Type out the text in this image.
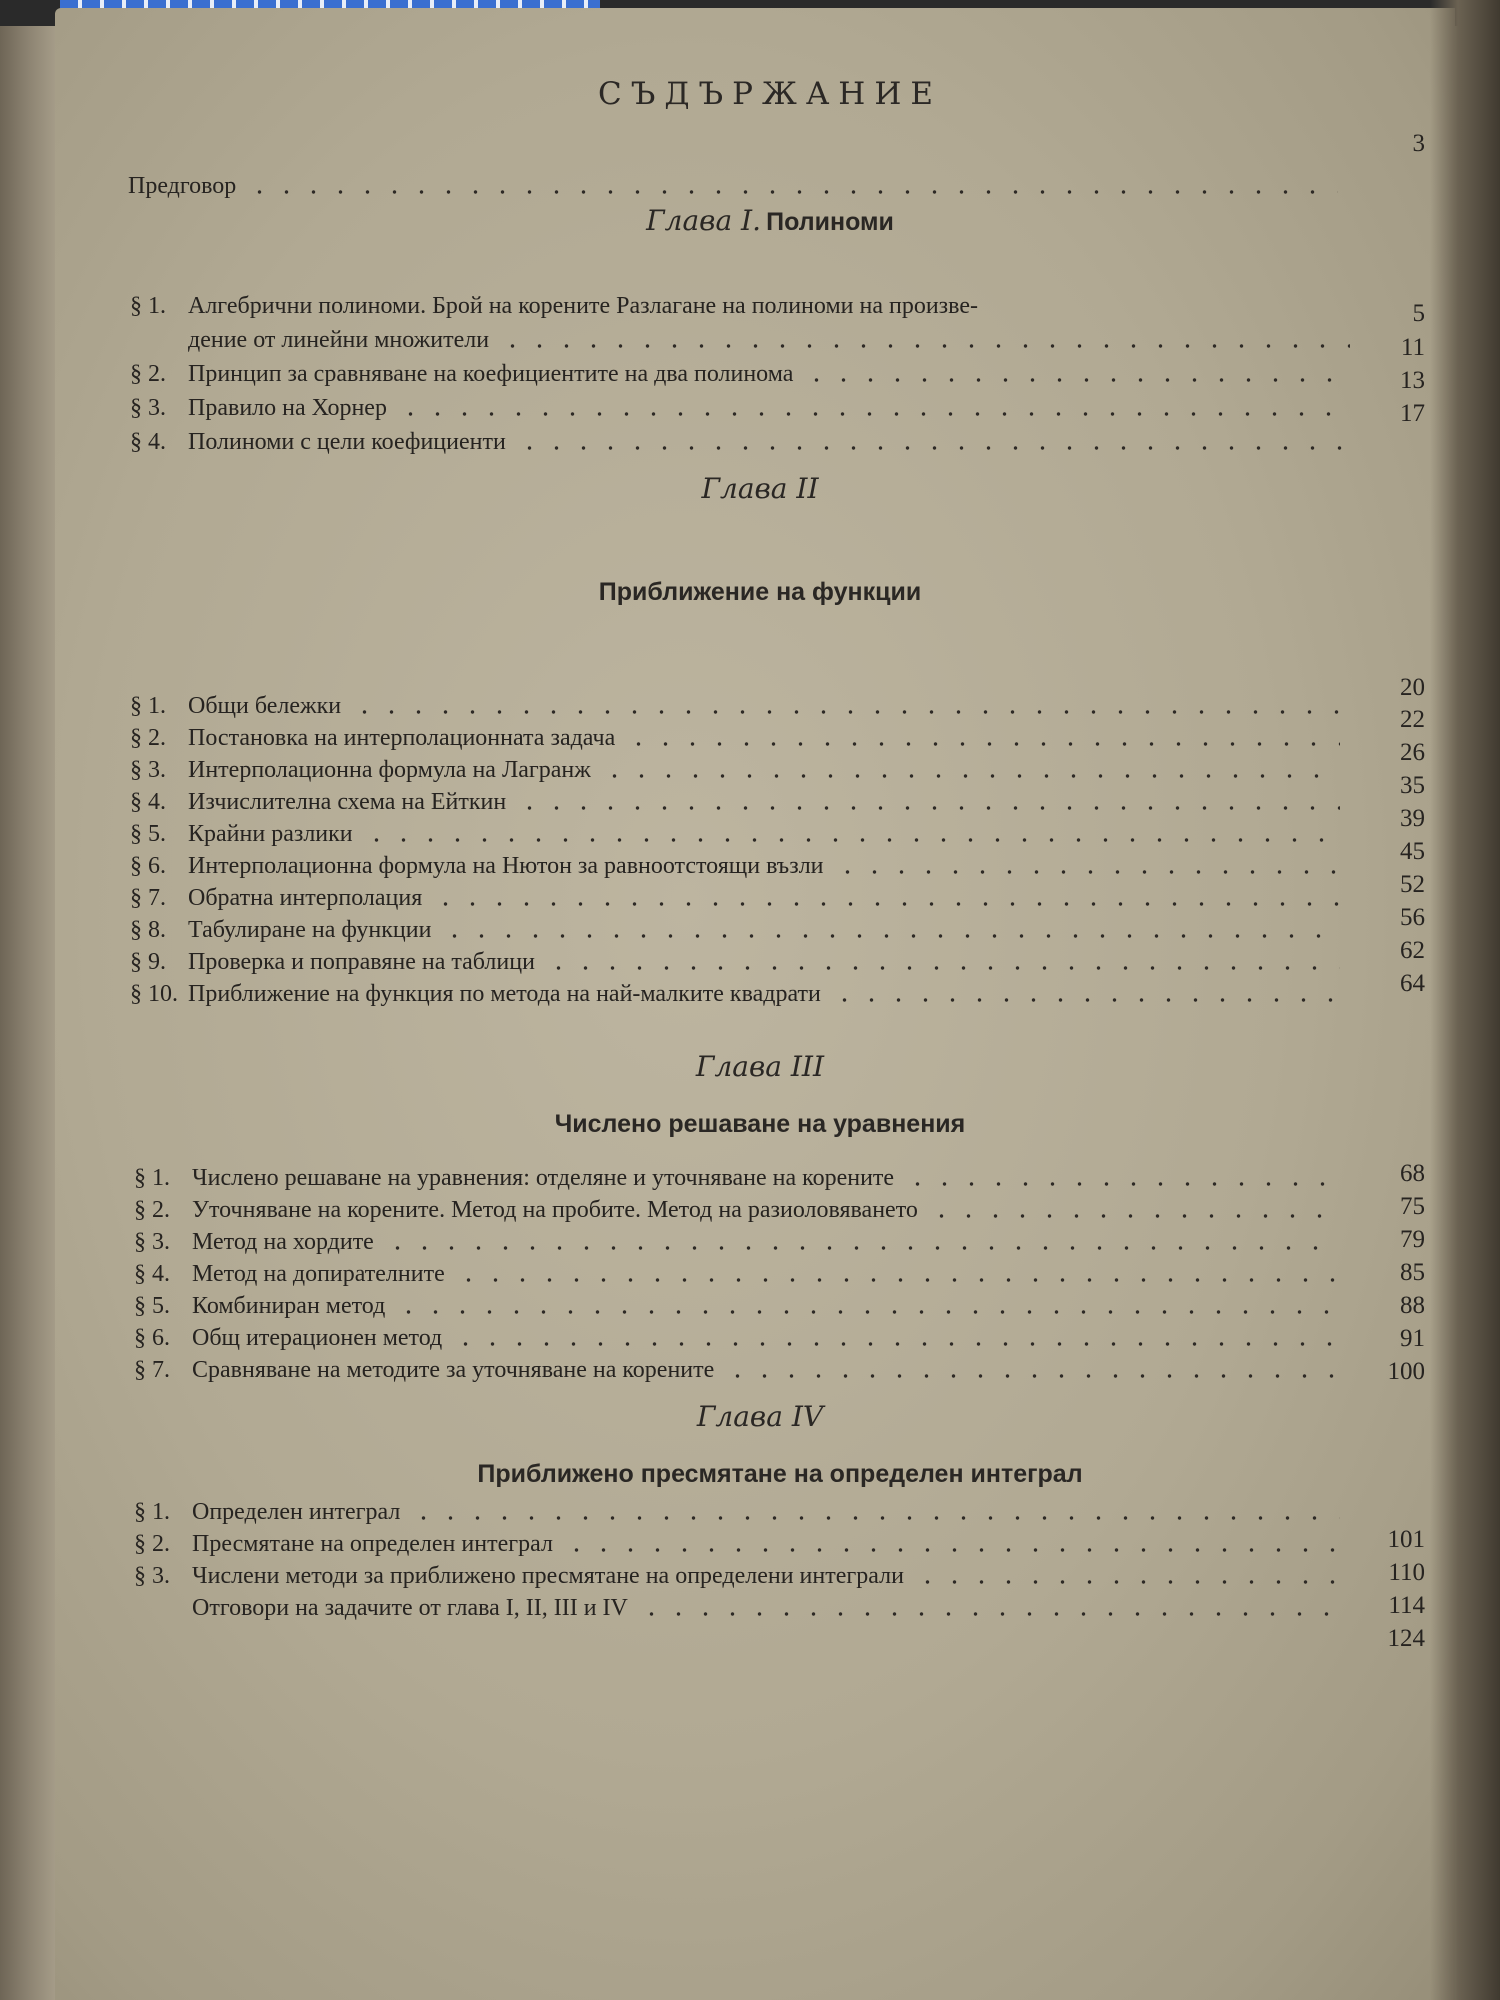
СЪДЪРЖАНИЕ
Предговор
Глава I. Полиноми
§ 1. Алгебрични полиноми. Брой на корените Разлагане на полиноми на произве-
дение от линейни множители
§ 2. Принцип за сравняване на коефициентите на два полинома
§ 3. Правило на Хорнер
§ 4. Полиноми с цели коефициенти
Глава II
Приближение на функции
§ 1. Общи бележки
§ 2. Постановка на интерполационната задача
§ 3. Интерполационна формула на Лагранж
§ 4. Изчислителна схема на Ейткин
§ 5. Крайни разлики
§ 6. Интерполационна формула на Нютон за равноотстоящи възли
§ 7. Обратна интерполация
§ 8. Табулиране на функции
§ 9. Проверка и поправяне на таблици
§ 10. Приближение на функция по метода на най-малките квадрати
Глава III
Числено решаване на уравнения
§ 1. Числено решаване на уравнения: отделяне и уточняване на корените
§ 2. Уточняване на корените. Метод на пробите. Метод на разиоловяването
§ 3. Метод на хордите
§ 4. Метод на допирателните
§ 5. Комбиниран метод
§ 6. Общ итерационен метод
§ 7. Сравняване на методите за уточняване на корените
Глава IV
Приближено пресмятане на определен интеграл
§ 1. Определен интеграл
§ 2. Пресмятане на определен интеграл
§ 3. Числени методи за приближено пресмятане на определени интеграли
Отговори на задачите от глава I, II, III и IV
3
5
11
13
17
20
22
26
35
39
45
52
56
62
64
68
75
79
85
88
91
100
101
110
114
124
